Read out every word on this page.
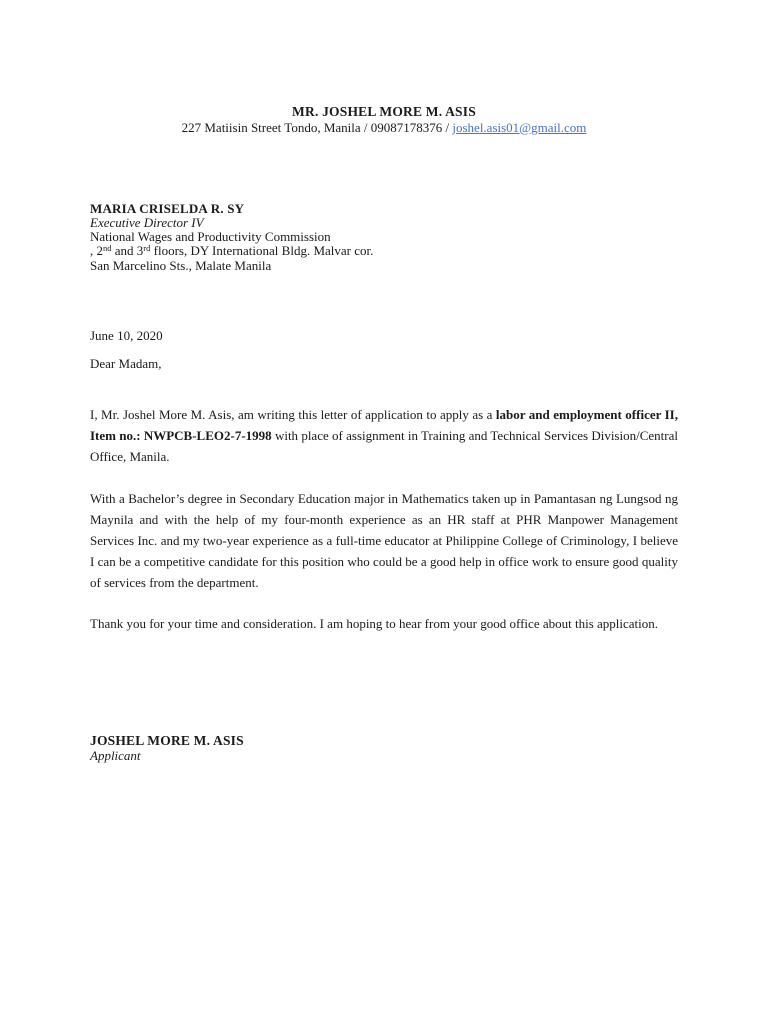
MR. JOSHEL MORE M. ASIS
227 Matiisin Street Tondo, Manila / 09087178376 / joshel.asis01@gmail.com
MARIA CRISELDA R. SY
Executive Director IV
National Wages and Productivity Commission
, 2nd and 3rd floors, DY International Bldg. Malvar cor.
San Marcelino Sts., Malate Manila
June 10, 2020
Dear Madam,

I, Mr. Joshel More M. Asis, am writing this letter of application to apply as a labor and employment officer II, Item no.: NWPCB-LEO2-7-1998 with place of assignment in Training and Technical Services Division/Central Office, Manila.

With a Bachelor’s degree in Secondary Education major in Mathematics taken up in Pamantasan ng Lungsod ng Maynila and with the help of my four-month experience as an HR staff at PHR Manpower Management Services Inc. and my two-year experience as a full-time educator at Philippine College of Criminology, I believe I can be a competitive candidate for this position who could be a good help in office work to ensure good quality of services from the department.

Thank you for your time and consideration. I am hoping to hear from your good office about this application.

JOSHEL MORE M. ASIS
Applicant
